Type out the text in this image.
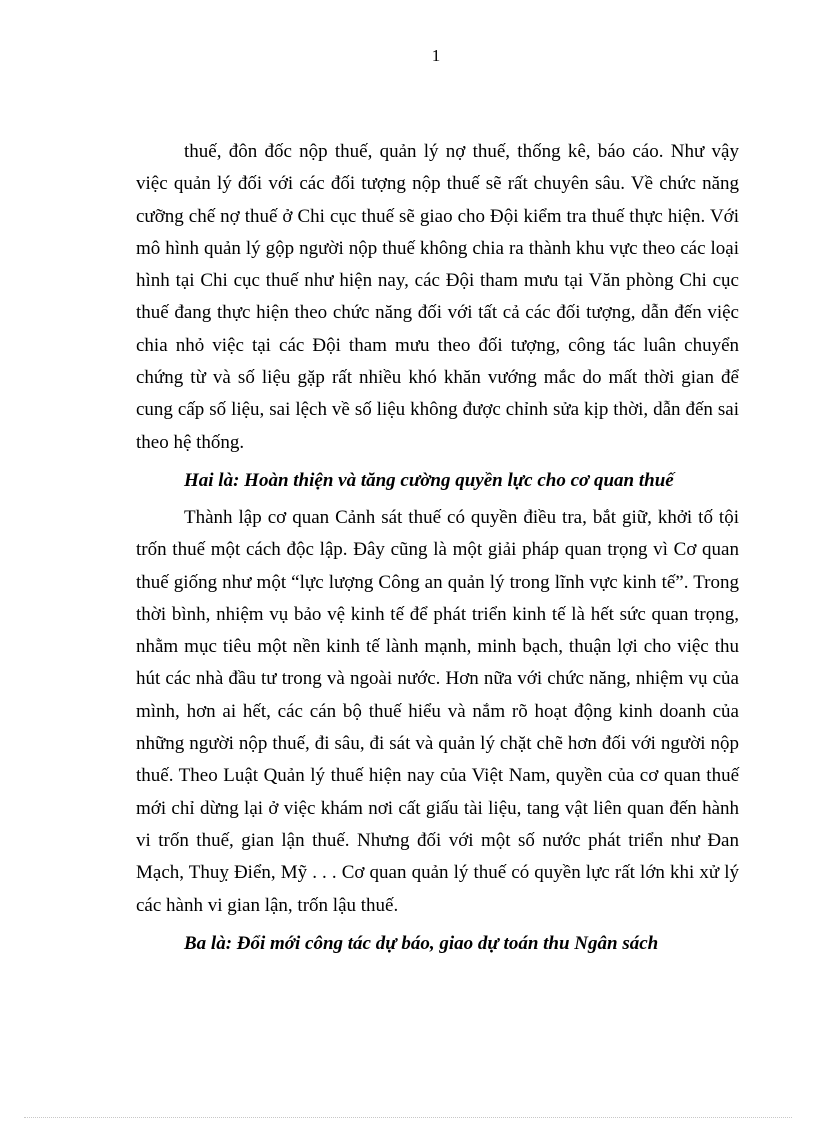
1

thuế, đôn đốc nộp thuế, quản lý nợ thuế, thống kê, báo cáo. Như vậy việc quản lý đối với các đối tượng nộp thuế sẽ rất chuyên sâu. Về chức năng cưỡng chế nợ thuế ở Chi cục thuế sẽ giao cho Đội kiểm tra thuế thực hiện. Với mô hình quản lý gộp người nộp thuế không chia ra thành khu vực theo các loại hình tại Chi cục thuế như hiện nay, các Đội tham mưu tại Văn phòng Chi cục thuế đang thực hiện theo chức năng đối với tất cả các đối tượng, dẫn đến việc chia nhỏ việc tại các Đội tham mưu theo đối tượng, công tác luân chuyển chứng từ và số liệu gặp rất nhiều khó khăn vướng mắc do mất thời gian để cung cấp số liệu, sai lệch về số liệu không được chỉnh sửa kịp thời, dẫn đến sai theo hệ thống.

Hai là: Hoàn thiện và tăng cường quyền lực cho cơ quan thuế

Thành lập cơ quan Cảnh sát thuế có quyền điều tra, bắt giữ, khởi tố tội trốn thuế một cách độc lập. Đây cũng là một giải pháp quan trọng vì Cơ quan thuế giống như một “lực lượng Công an quản lý trong lĩnh vực kinh tế”. Trong thời bình, nhiệm vụ bảo vệ kinh tế để phát triển kinh tế là hết sức quan trọng, nhằm mục tiêu một nền kinh tế lành mạnh, minh bạch, thuận lợi cho việc thu hút các nhà đầu tư trong và ngoài nước. Hơn nữa với chức năng, nhiệm vụ của mình, hơn ai hết, các cán bộ thuế hiểu và nắm rõ hoạt động kinh doanh của những người nộp thuế, đi sâu, đi sát và quản lý chặt chẽ hơn đối với người nộp thuế. Theo Luật Quản lý thuế hiện nay của Việt Nam, quyền của cơ quan thuế mới chỉ dừng lại ở việc khám nơi cất giấu tài liệu, tang vật liên quan đến hành vi trốn thuế, gian lận thuế. Nhưng đối với một số nước phát triển như Đan Mạch, Thuỵ Điển, Mỹ . . . Cơ quan quản lý thuế có quyền lực rất lớn khi xử lý các hành vi gian lận, trốn lậu thuế.

Ba là: Đổi mới công tác dự báo, giao dự toán thu Ngân sách
